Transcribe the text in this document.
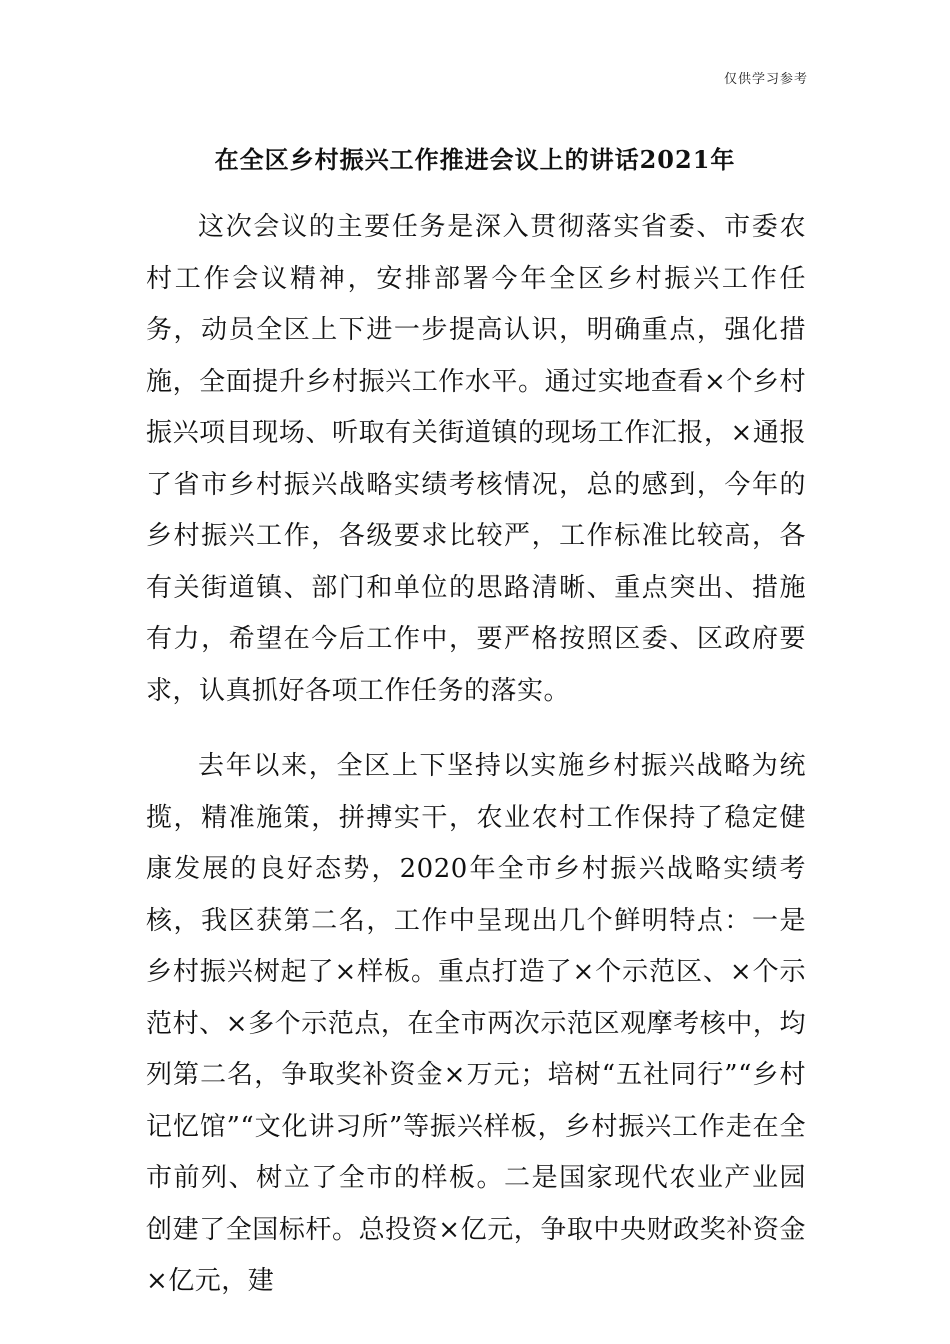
仅供学习参考
在全区乡村振兴工作推进会议上的讲话2021年

这次会议的主要任务是深入贯彻落实省委、市委农村工作会议精神，安排部署今年全区乡村振兴工作任务，动员全区上下进一步提高认识，明确重点，强化措施，全面提升乡村振兴工作水平。通过实地查看×个乡村振兴项目现场、听取有关街道镇的现场工作汇报，×通报了省市乡村振兴战略实绩考核情况，总的感到，今年的乡村振兴工作，各级要求比较严，工作标准比较高，各有关街道镇、部门和单位的思路清晰、重点突出、措施有力，希望在今后工作中，要严格按照区委、区政府要求，认真抓好各项工作任务的落实。

去年以来，全区上下坚持以实施乡村振兴战略为统揽，精准施策，拼搏实干，农业农村工作保持了稳定健康发展的良好态势，2020年全市乡村振兴战略实绩考核，我区获第二名，工作中呈现出几个鲜明特点：一是乡村振兴树起了×样板。重点打造了×个示范区、×个示范村、×多个示范点，在全市两次示范区观摩考核中，均列第二名，争取奖补资金×万元；培树“五社同行”“乡村记忆馆”“文化讲习所”等振兴样板，乡村振兴工作走在全市前列、树立了全市的样板。二是国家现代农业产业园创建了全国标杆。总投资×亿元，争取中央财政奖补资金×亿元，建
